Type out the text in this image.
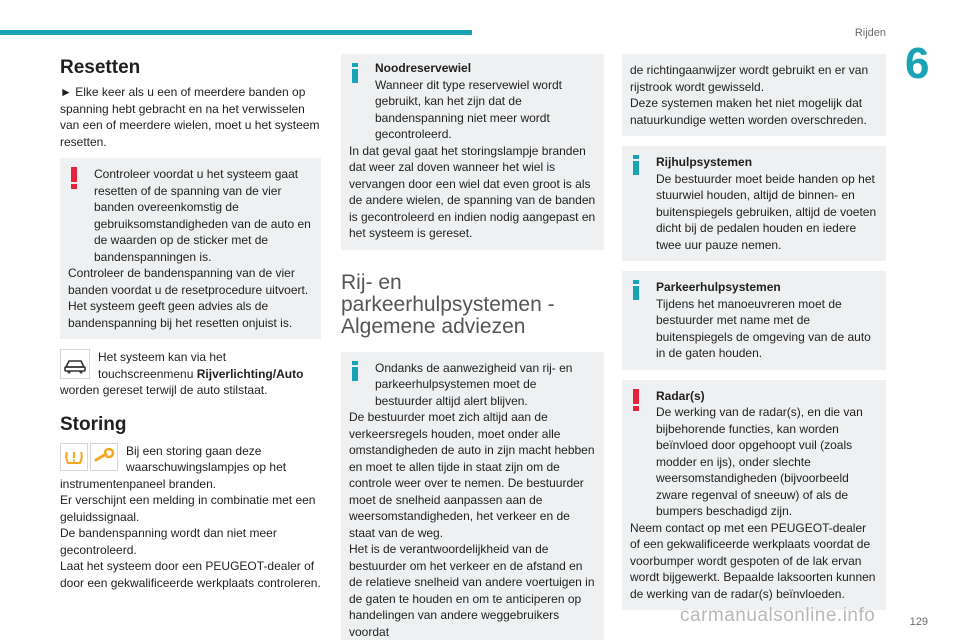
Rijden
6
Resetten

► Elke keer als u een of meerdere banden op spanning hebt gebracht en na het verwisselen van een of meerdere wielen, moet u het systeem resetten.

Controleer voordat u het systeem gaat resetten of de spanning van de vier banden overeenkomstig de gebruiksomstandigheden van de auto en de waarden op de sticker met de bandenspanningen is.
Controleer de bandenspanning van de vier banden voordat u de resetprocedure uitvoert.
Het systeem geeft geen advies als de bandenspanning bij het resetten onjuist is.
Het systeem kan via het touchscreenmenu Rijverlichting/Auto worden gereset terwijl de auto stilstaat.
Storing
Bij een storing gaan deze waarschuwingslampjes op het instrumentenpaneel branden.
Er verschijnt een melding in combinatie met een geluidssignaal.
De bandenspanning wordt dan niet meer gecontroleerd.
Laat het systeem door een PEUGEOT-dealer of door een gekwalificeerde werkplaats controleren.
Noodreservewiel
Wanneer dit type reservewiel wordt gebruikt, kan het zijn dat de bandenspanning niet meer wordt gecontroleerd.
In dat geval gaat het storingslampje branden dat weer zal doven wanneer het wiel is vervangen door een wiel dat even groot is als de andere wielen, de spanning van de banden is gecontroleerd en indien nodig aangepast en het systeem is gereset.
Rij- en parkeerhulpsystemen - Algemene adviezen
Ondanks de aanwezigheid van rij- en parkeerhulpsystemen moet de bestuurder altijd alert blijven.
De bestuurder moet zich altijd aan de verkeersregels houden, moet onder alle omstandigheden de auto in zijn macht hebben en moet te allen tijde in staat zijn om de controle weer over te nemen. De bestuurder moet de snelheid aanpassen aan de weersomstandigheden, het verkeer en de staat van de weg.
Het is de verantwoordelijkheid van de bestuurder om het verkeer en de afstand en de relatieve snelheid van andere voertuigen in de gaten te houden en om te anticiperen op handelingen van andere weggebruikers voordat
de richtingaanwijzer wordt gebruikt en er van rijstrook wordt gewisseld.
Deze systemen maken het niet mogelijk dat natuurkundige wetten worden overschreden.
Rijhulpsystemen
De bestuurder moet beide handen op het stuurwiel houden, altijd de binnen- en buitenspiegels gebruiken, altijd de voeten dicht bij de pedalen houden en iedere twee uur pauze nemen.
Parkeerhulpsystemen
Tijdens het manoeuvreren moet de bestuurder met name met de buitenspiegels de omgeving van de auto in de gaten houden.
Radar(s)
De werking van de radar(s), en die van bijbehorende functies, kan worden beïnvloed door opgehoopt vuil (zoals modder en ijs), onder slechte weersomstandigheden (bijvoorbeeld zware regenval of sneeuw) of als de bumpers beschadigd zijn.
Neem contact op met een PEUGEOT-dealer of een gekwalificeerde werkplaats voordat de voorbumper wordt gespoten of de lak ervan wordt bijgewerkt. Bepaalde laksoorten kunnen de werking van de radar(s) beïnvloeden.
carmanualsonline.info	129
